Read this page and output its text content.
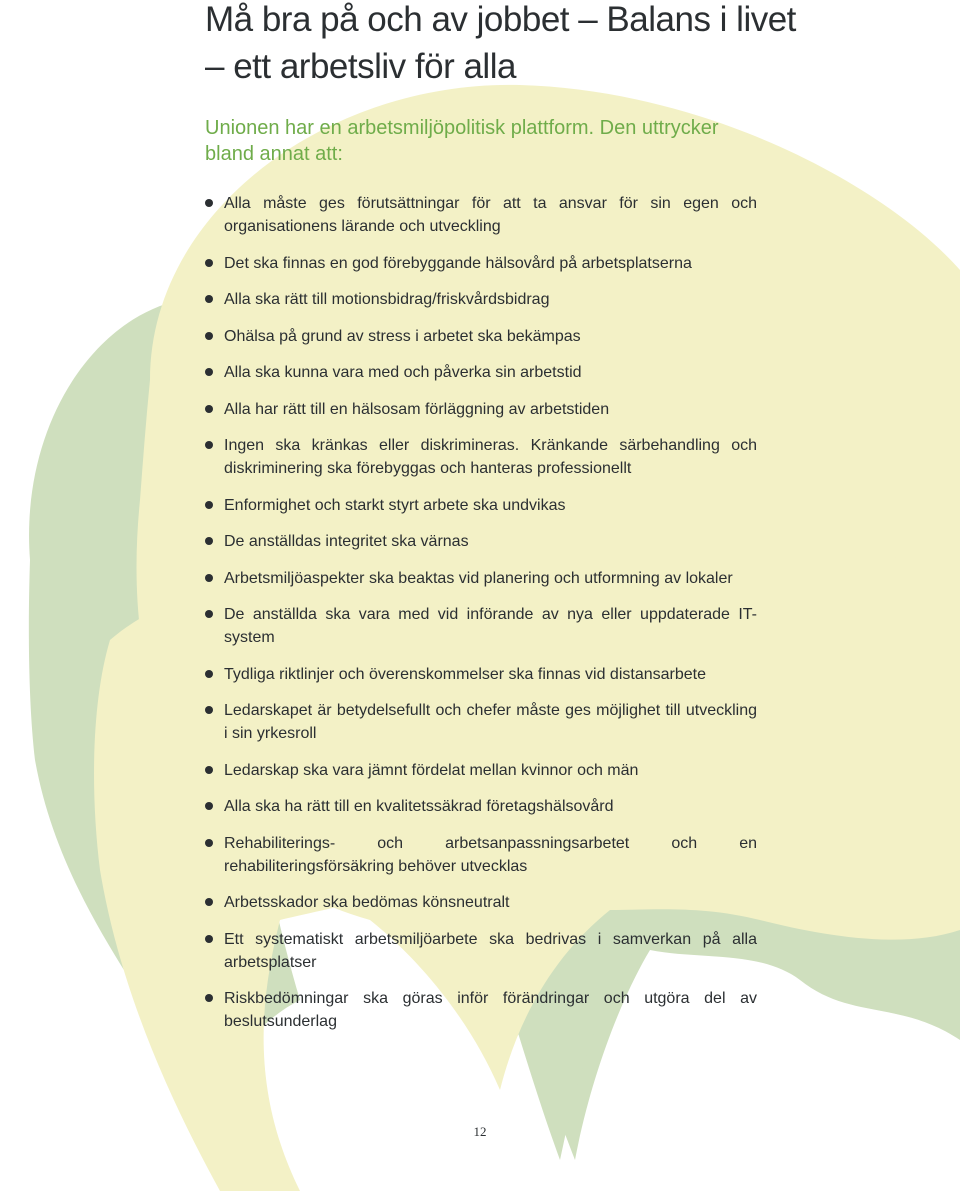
Må bra på och av jobbet – Balans i livet
– ett arbetsliv för alla

Unionen har en arbetsmiljöpolitisk plattform. Den uttrycker bland annat att:

Alla måste ges förutsättningar för att ta ansvar för sin egen och organisationens lärande och utveckling
Det ska finnas en god förebyggande hälsovård på arbetsplatserna
Alla ska rätt till motionsbidrag/friskvårdsbidrag
Ohälsa på grund av stress i arbetet ska bekämpas
Alla ska kunna vara med och påverka sin arbetstid
Alla har rätt till en hälsosam förläggning av arbetstiden
Ingen ska kränkas eller diskrimineras. Kränkande särbehandling och diskriminering ska förebyggas och hanteras professionellt
Enformighet och starkt styrt arbete ska undvikas
De anställdas integritet ska värnas
Arbetsmiljöaspekter ska beaktas vid planering och utformning av lokaler
De anställda ska vara med vid införande av nya eller uppdaterade IT-system
Tydliga riktlinjer och överenskommelser ska finnas vid distansarbete
Ledarskapet är betydelsefullt och chefer måste ges möjlighet till utveckling i sin yrkesroll
Ledarskap ska vara jämnt fördelat mellan kvinnor och män
Alla ska ha rätt till en kvalitetssäkrad företagshälsovård
Rehabiliterings- och arbetsanpassningsarbetet och en rehabiliteringsförsäkring behöver utvecklas
Arbetsskador ska bedömas könsneutralt
Ett systematiskt arbetsmiljöarbete ska bedrivas i samverkan på alla arbetsplatser
Riskbedömningar ska göras inför förändringar och utgöra del av beslutsunderlag
12
